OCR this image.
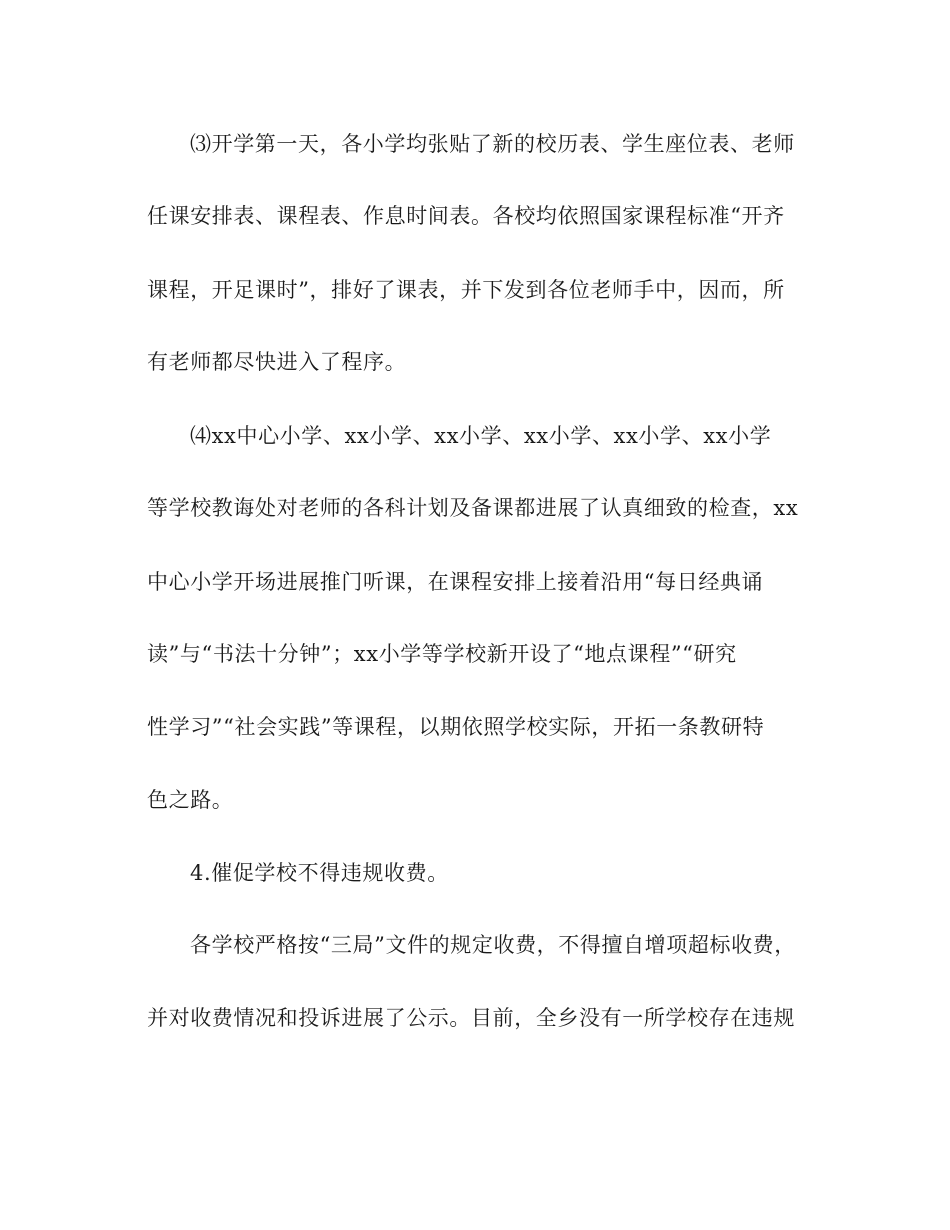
⑶开学第一天，各小学均张贴了新的校历表、学生座位表、老师
任课安排表、课程表、作息时间表。各校均依照国家课程标准“开齐
课程，开足课时”，排好了课表，并下发到各位老师手中，因而，所
有老师都尽快进入了程序。
⑷xx中心小学、xx小学、xx小学、xx小学、xx小学、xx小学
等学校教诲处对老师的各科计划及备课都进展了认真细致的检查，xx
中心小学开场进展推门听课，在课程安排上接着沿用“每日经典诵
读”与“书法十分钟”；xx小学等学校新开设了“地点课程”“研究
性学习”“社会实践”等课程，以期依照学校实际，开拓一条教研特
色之路。
4.催促学校不得违规收费。
各学校严格按“三局”文件的规定收费，不得擅自增项超标收费，
并对收费情况和投诉进展了公示。目前，全乡没有一所学校存在违规
